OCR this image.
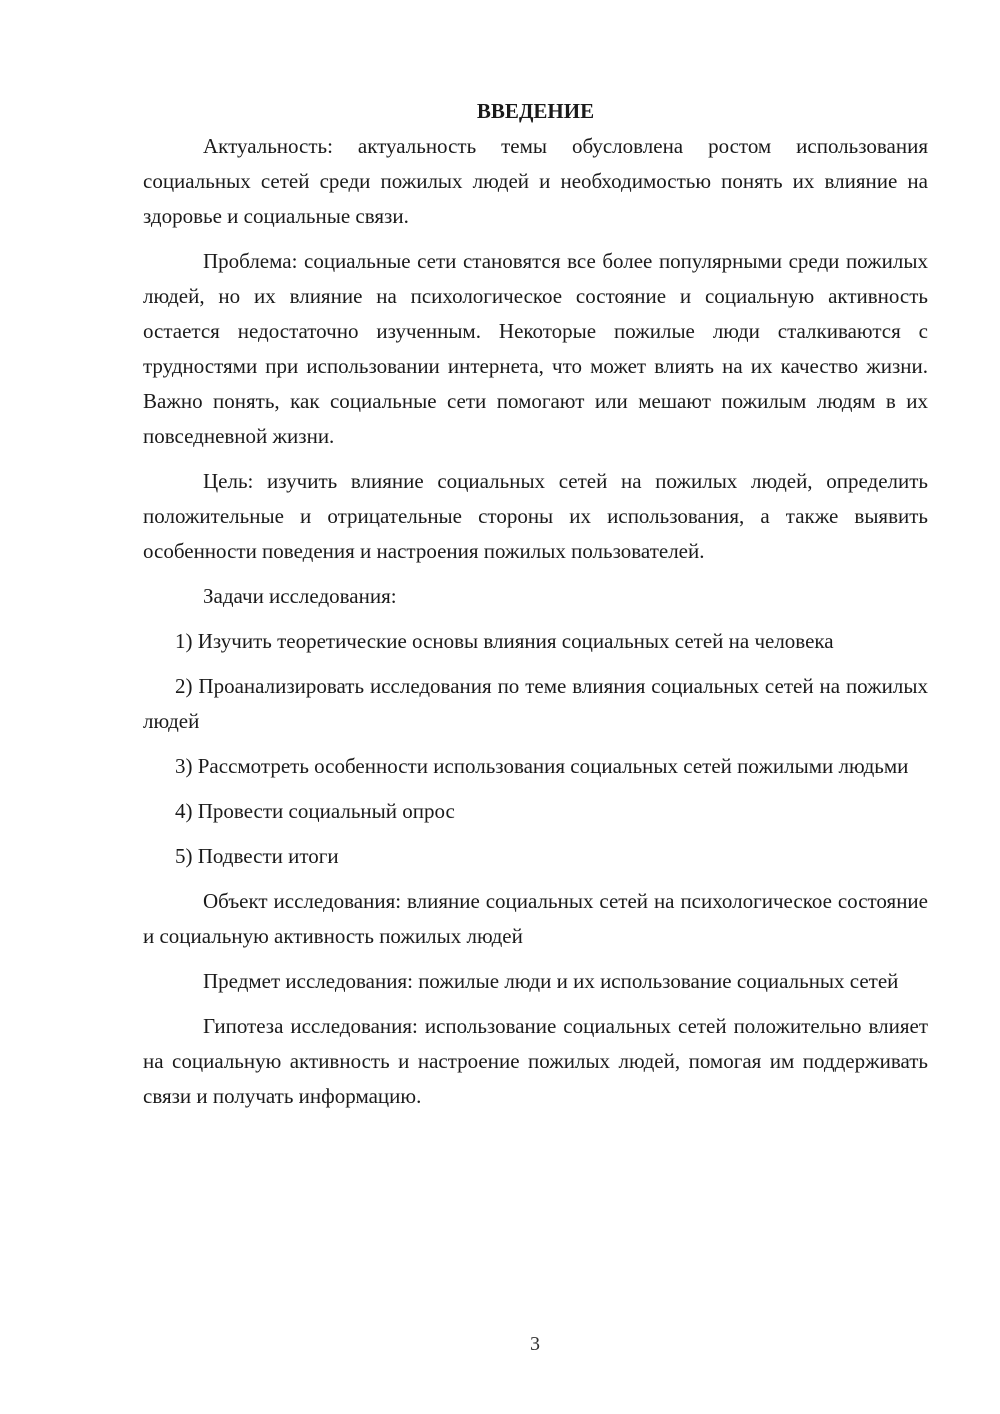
ВВЕДЕНИЕ

Актуальность: актуальность темы обусловлена ростом использования социальных сетей среди пожилых людей и необходимостью понять их влияние на здоровье и социальные связи.

Проблема: социальные сети становятся все более популярными среди пожилых людей, но их влияние на психологическое состояние и социальную активность остается недостаточно изученным. Некоторые пожилые люди сталкиваются с трудностями при использовании интернета, что может влиять на их качество жизни. Важно понять, как социальные сети помогают или мешают пожилым людям в их повседневной жизни.

Цель: изучить влияние социальных сетей на пожилых людей, определить положительные и отрицательные стороны их использования, а также выявить особенности поведения и настроения пожилых пользователей.

Задачи исследования:

1) Изучить теоретические основы влияния социальных сетей на человека

2) Проанализировать исследования по теме влияния социальных сетей на пожилых людей

3) Рассмотреть особенности использования социальных сетей пожилыми людьми

4) Провести социальный опрос

5) Подвести итоги

Объект исследования: влияние социальных сетей на психологическое состояние и социальную активность пожилых людей

Предмет исследования: пожилые люди и их использование социальных сетей

Гипотеза исследования: использование социальных сетей положительно влияет на социальную активность и настроение пожилых людей, помогая им поддерживать связи и получать информацию.

3
